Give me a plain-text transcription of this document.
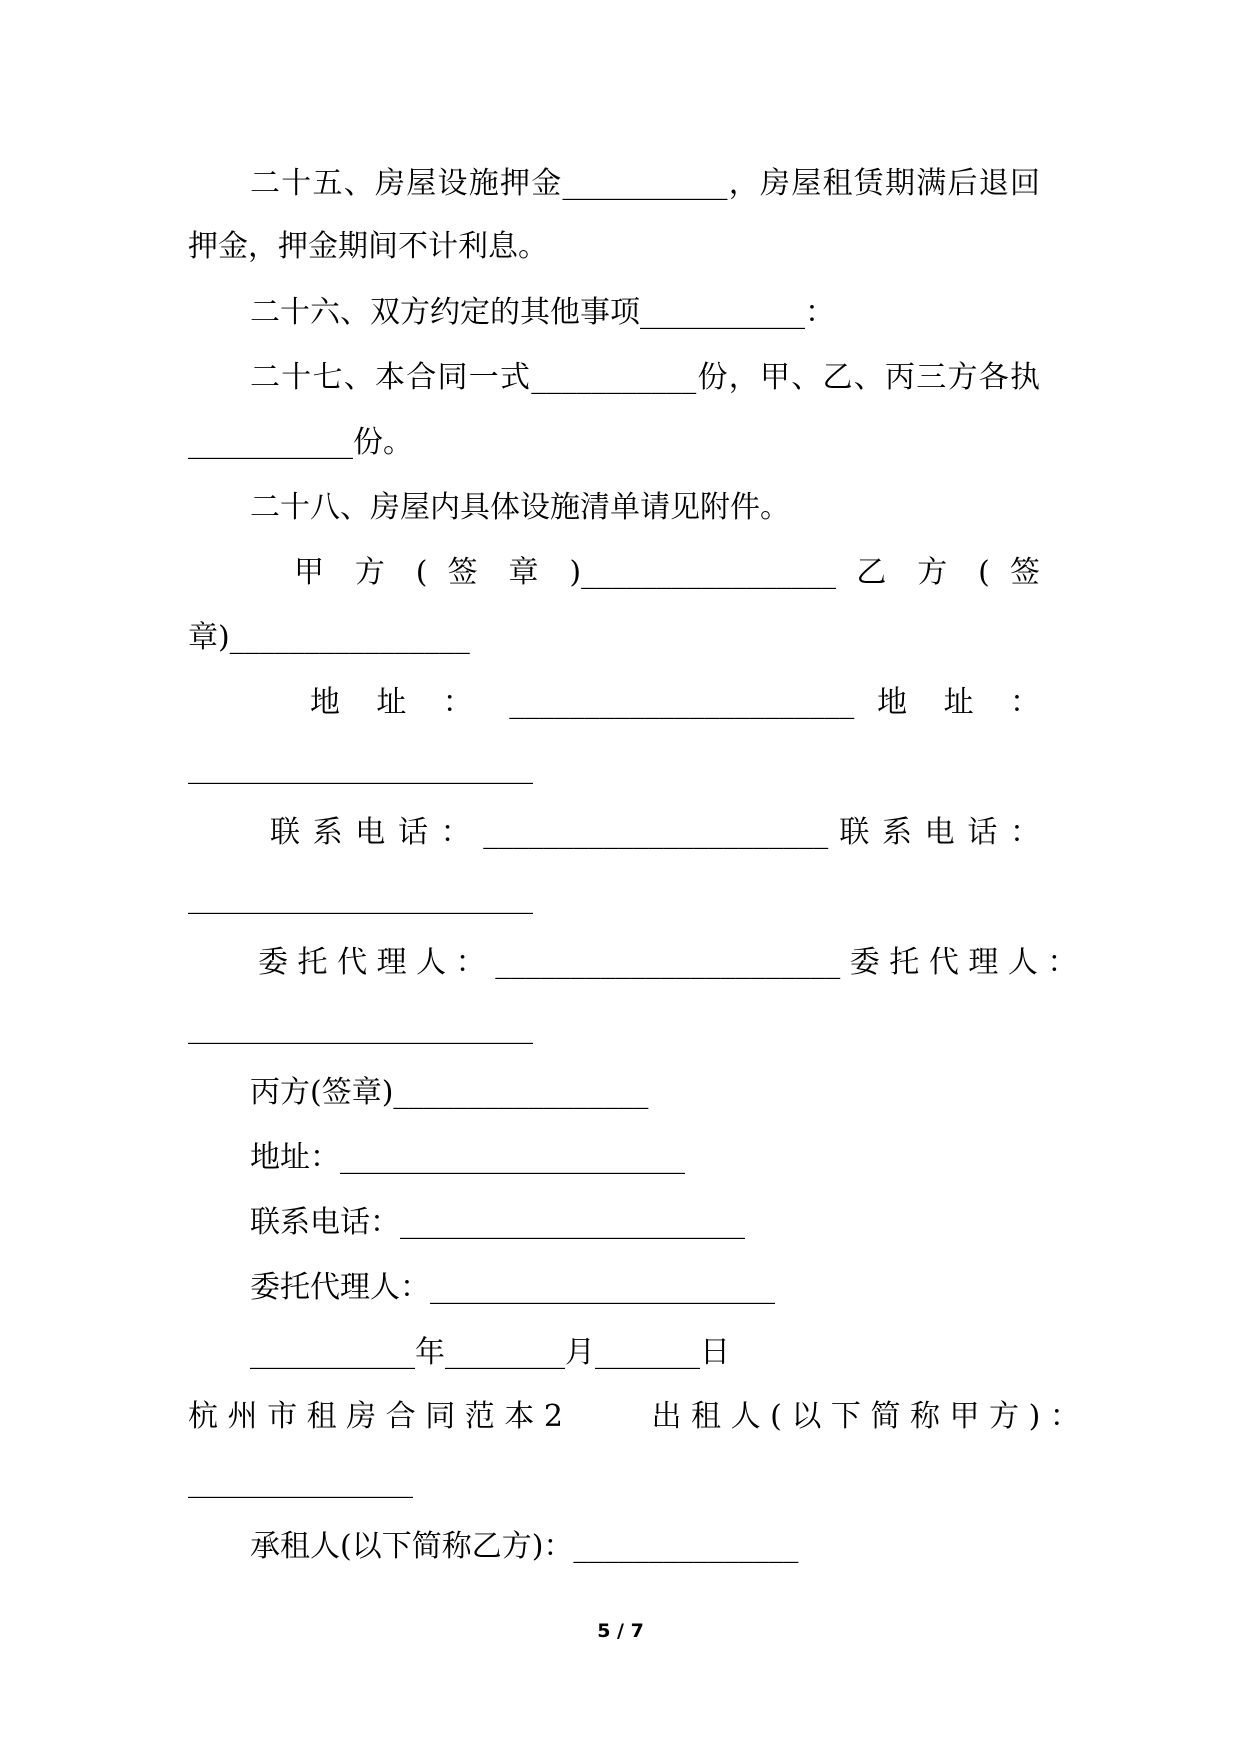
二十五、房屋设施押金___________，房屋租赁期满后退回
押金，押金期间不计利息。
二十六、双方约定的其他事项___________：
二十七、本合同一式___________份，甲、乙、丙三方各执
___________份。
二十八、房屋内具体设施清单请见附件。
甲 方 ( 签 章 )_________________ 乙 方 ( 签
章)________________
地 址 ： _______________________ 地 址 ：
_______________________
联 系 电 话 ： _______________________ 联 系 电 话 ：
_______________________
委 托 代 理 人 ： _______________________ 委 托 代 理 人 ：
_______________________
丙方(签章)_________________
地址：_______________________
联系电话：_______________________
委托代理人：_______________________
___________年________月_______日
杭 州 市 租 房 合 同 范 本 2 　 　 出 租 人 ( 以 下 简 称 甲 方 ) ：
_______________
承租人(以下简称乙方)：_______________
5 / 7
